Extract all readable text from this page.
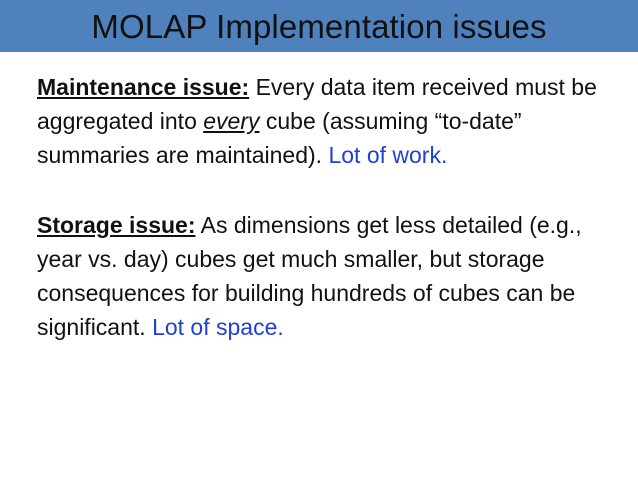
MOLAP Implementation issues

Maintenance issue: Every data item received must be aggregated into every cube (assuming “to-date” summaries are maintained). Lot of work.

Storage issue: As dimensions get less detailed (e.g., year vs. day) cubes get much smaller, but storage consequences for building hundreds of cubes can be significant. Lot of space.
